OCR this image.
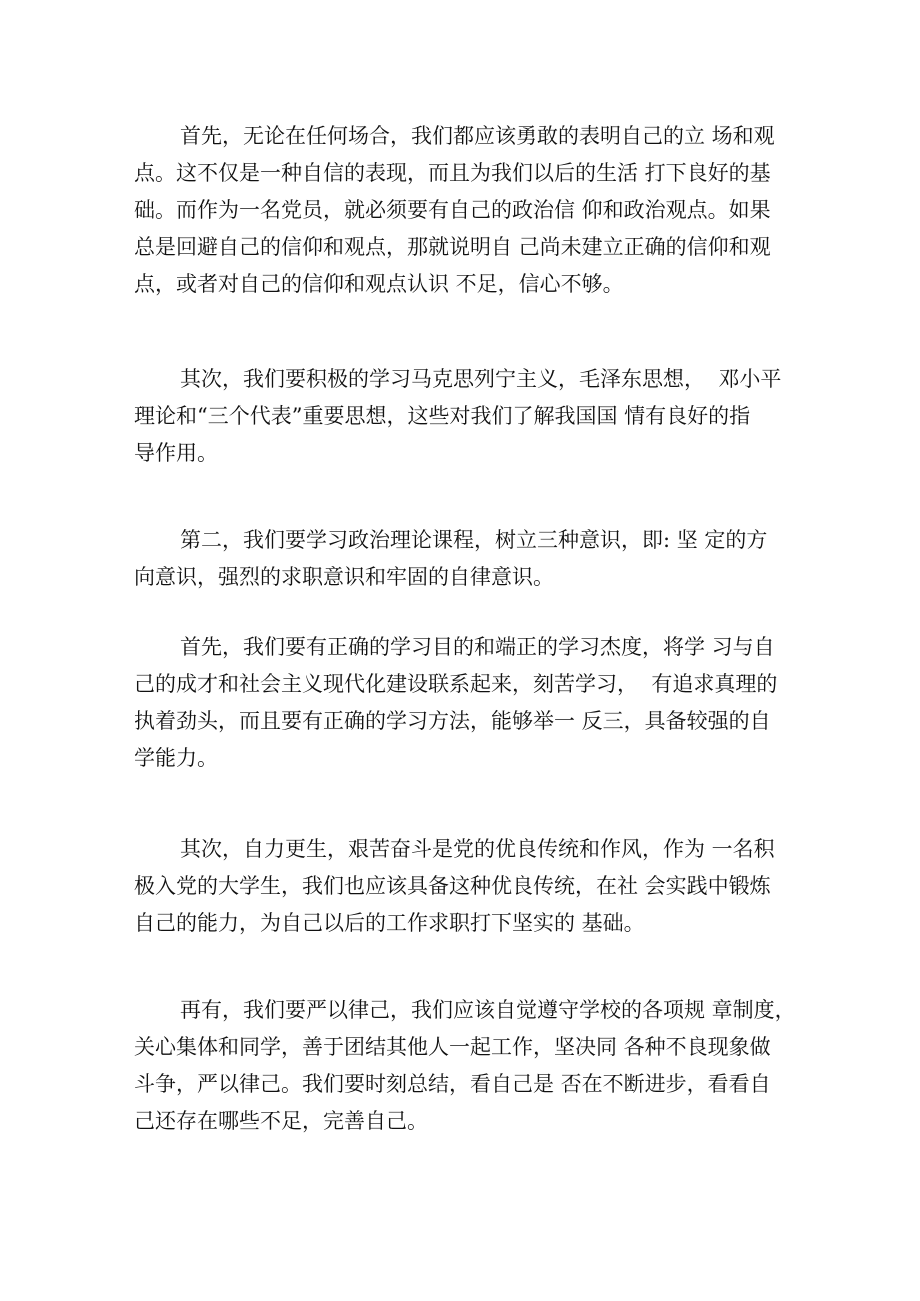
首先，无论在任何场合，我们都应该勇敢的表明自己的立 场和观
点。这不仅是一种自信的表现，而且为我们以后的生活 打下良好的基
础。而作为一名党员，就必须要有自己的政治信 仰和政治观点。如果
总是回避自己的信仰和观点，那就说明自 己尚未建立正确的信仰和观
点，或者对自己的信仰和观点认识 不足，信心不够。
其次，我们要积极的学习马克思列宁主义，毛泽东思想，  邓小平
理论和“三个代表”重要思想，这些对我们了解我国国 情有良好的指
导作用。
第二，我们要学习政治理论课程，树立三种意识，即: 坚 定的方
向意识，强烈的求职意识和牢固的自律意识。
首先，我们要有正确的学习目的和端正的学习杰度，将学 习与自
己的成才和社会主义现代化建设联系起来，刻苦学习，  有追求真理的
执着劲头，而且要有正确的学习方法，能够举一 反三，具备较强的自
学能力。
其次，自力更生，艰苦奋斗是党的优良传统和作风，作为 一名积
极入党的大学生，我们也应该具备这种优良传统，在社 会实践中锻炼
自己的能力，为自己以后的工作求职打下坚实的 基础。
再有，我们要严以律己，我们应该自觉遵守学校的各项规 章制度，
关心集体和同学，善于团结其他人一起工作，坚决同 各种不良现象做
斗争，严以律己。我们要时刻总结，看自己是 否在不断进步，看看自
己还存在哪些不足，完善自己。
